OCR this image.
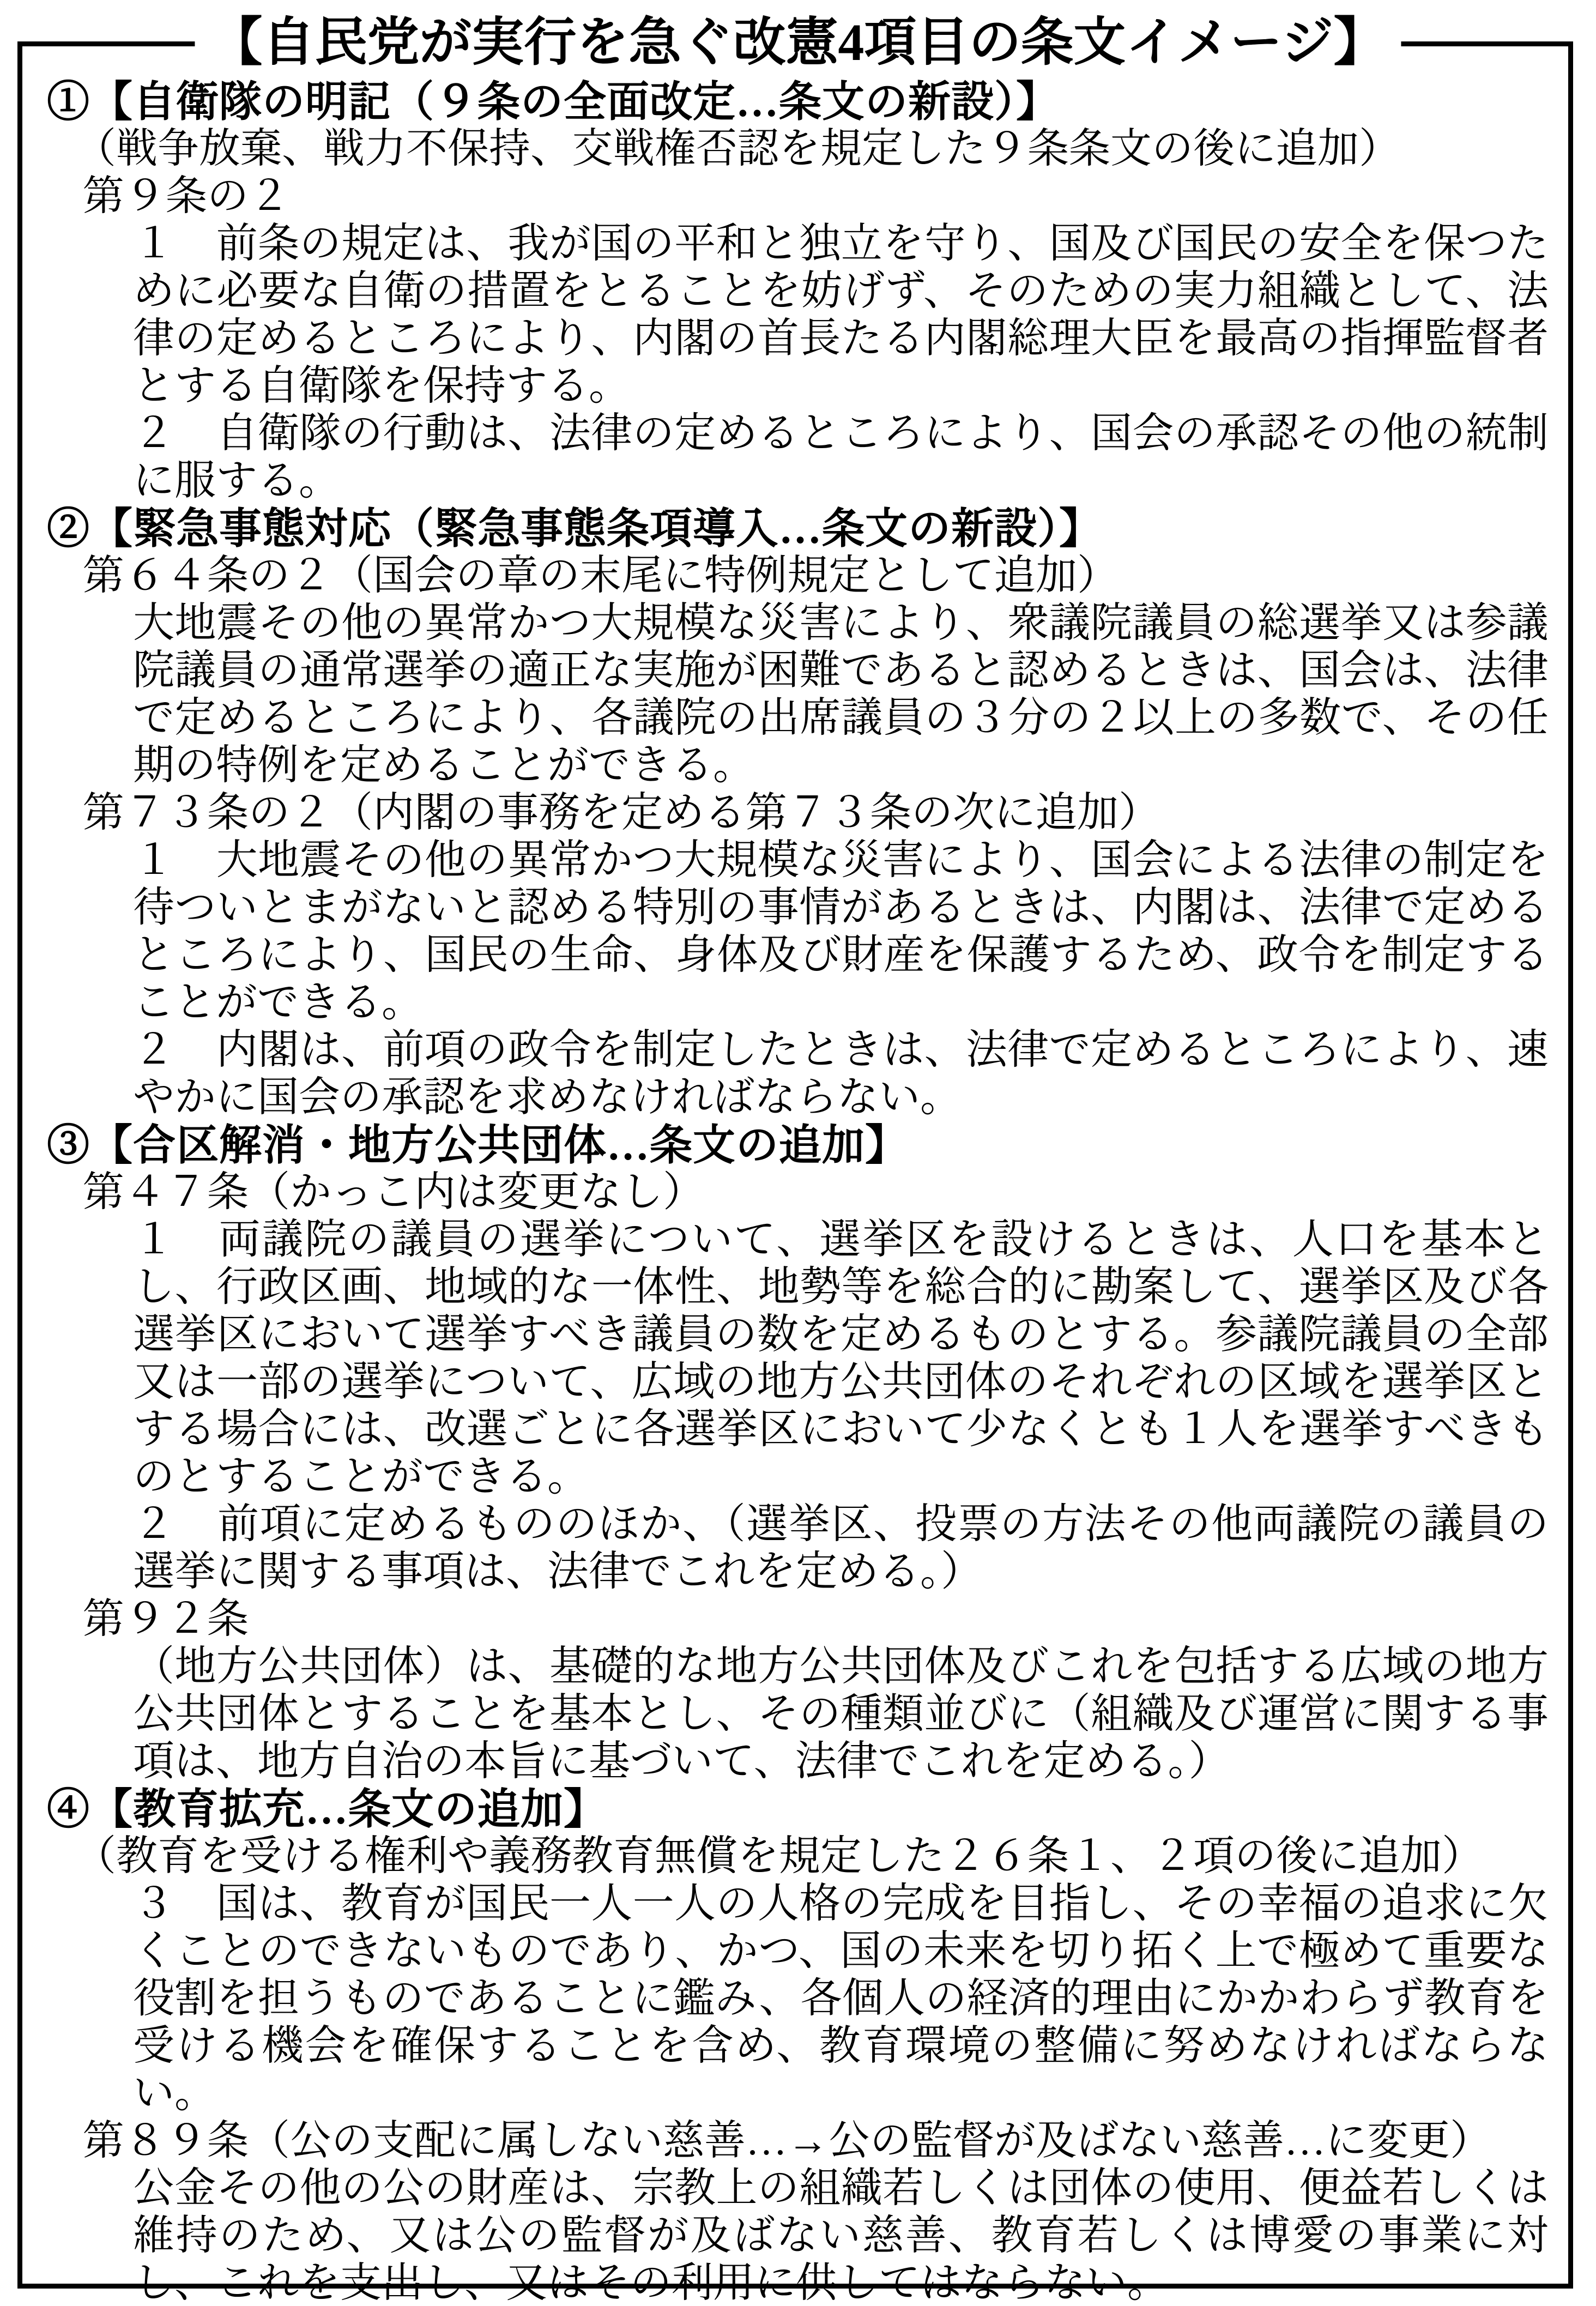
【自民党が実行を急ぐ改憲4項目の条文イメージ】
①【自衛隊の明記（９条の全面改定…条文の新設）】
（戦争放棄、戦力不保持、交戦権否認を規定した９条条文の後に追加）
第９条の２
１　前条の規定は、我が国の平和と独立を守り、国及び国民の安全を保つために必要な自衛の措置をとることを妨げず、そのための実力組織として、法律の定めるところにより、内閣の首長たる内閣総理大臣を最高の指揮監督者とする自衛隊を保持する。
２　自衛隊の行動は、法律の定めるところにより、国会の承認その他の統制に服する。
②【緊急事態対応（緊急事態条項導入…条文の新設）】
第６４条の２（国会の章の末尾に特例規定として追加）
大地震その他の異常かつ大規模な災害により、衆議院議員の総選挙又は参議院議員の通常選挙の適正な実施が困難であると認めるときは、国会は、法律で定めるところにより、各議院の出席議員の３分の２以上の多数で、その任期の特例を定めることができる。
第７３条の２（内閣の事務を定める第７３条の次に追加）
１　大地震その他の異常かつ大規模な災害により、国会による法律の制定を待ついとまがないと認める特別の事情があるときは、内閣は、法律で定めるところにより、国民の生命、身体及び財産を保護するため、政令を制定することができる。
２　内閣は、前項の政令を制定したときは、法律で定めるところにより、速やかに国会の承認を求めなければならない。
③【合区解消・地方公共団体…条文の追加】
第４７条（かっこ内は変更なし）
１　両議院の議員の選挙について、選挙区を設けるときは、人口を基本とし、行政区画、地域的な一体性、地勢等を総合的に勘案して、選挙区及び各選挙区において選挙すべき議員の数を定めるものとする。参議院議員の全部又は一部の選挙について、広域の地方公共団体のそれぞれの区域を選挙区とする場合には、改選ごとに各選挙区において少なくとも１人を選挙すべきものとすることができる。
２　前項に定めるもののほか、（選挙区、投票の方法その他両議院の議員の選挙に関する事項は、法律でこれを定める。）
第９２条
（地方公共団体）は、基礎的な地方公共団体及びこれを包括する広域の地方公共団体とすることを基本とし、その種類並びに（組織及び運営に関する事項は、地方自治の本旨に基づいて、法律でこれを定める。）
④【教育拡充…条文の追加】
（教育を受ける権利や義務教育無償を規定した２６条１、２項の後に追加）
３　国は、教育が国民一人一人の人格の完成を目指し、その幸福の追求に欠くことのできないものであり、かつ、国の未来を切り拓く上で極めて重要な役割を担うものであることに鑑み、各個人の経済的理由にかかわらず教育を受ける機会を確保することを含め、教育環境の整備に努めなければならない。
第８９条（公の支配に属しない慈善…→公の監督が及ばない慈善…に変更）
公金その他の公の財産は、宗教上の組織若しくは団体の使用、便益若しくは維持のため、又は公の監督が及ばない慈善、教育若しくは博愛の事業に対し、これを支出し、又はその利用に供してはならない。
